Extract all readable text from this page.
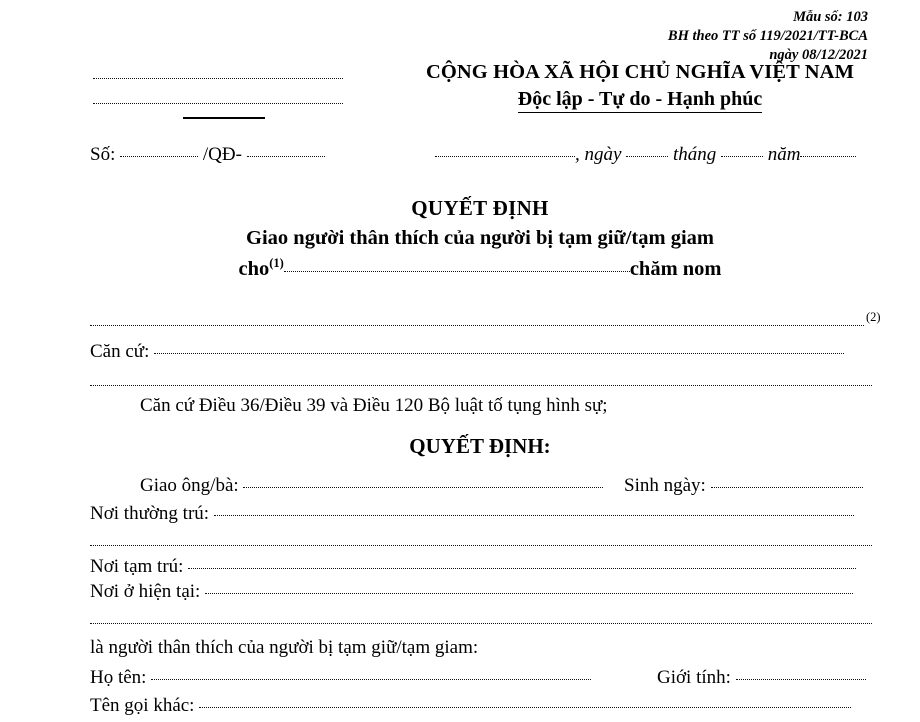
Mẫu số: 103
BH theo TT số 119/2021/TT-BCA
ngày 08/12/2021
CỘNG HÒA XÃ HỘI CHỦ NGHĨA VIỆT NAM
Độc lập - Tự do - Hạnh phúc
Số:	/QĐ-	, ngày	tháng	năm
QUYẾT ĐỊNH
Giao người thân thích của người bị tạm giữ/tạm giam
cho$^{(1)}$	chăm nom
(2)
Căn cứ:
Căn cứ Điều 36/Điều 39 và Điều 120 Bộ luật tố tụng hình sự;
QUYẾT ĐỊNH:
Giao ông/bà:	Sinh ngày:
Nơi thường trú:
Nơi tạm trú:
Nơi ở hiện tại:
là người thân thích của người bị tạm giữ/tạm giam:
Họ tên:	Giới tính:
Tên gọi khác:
